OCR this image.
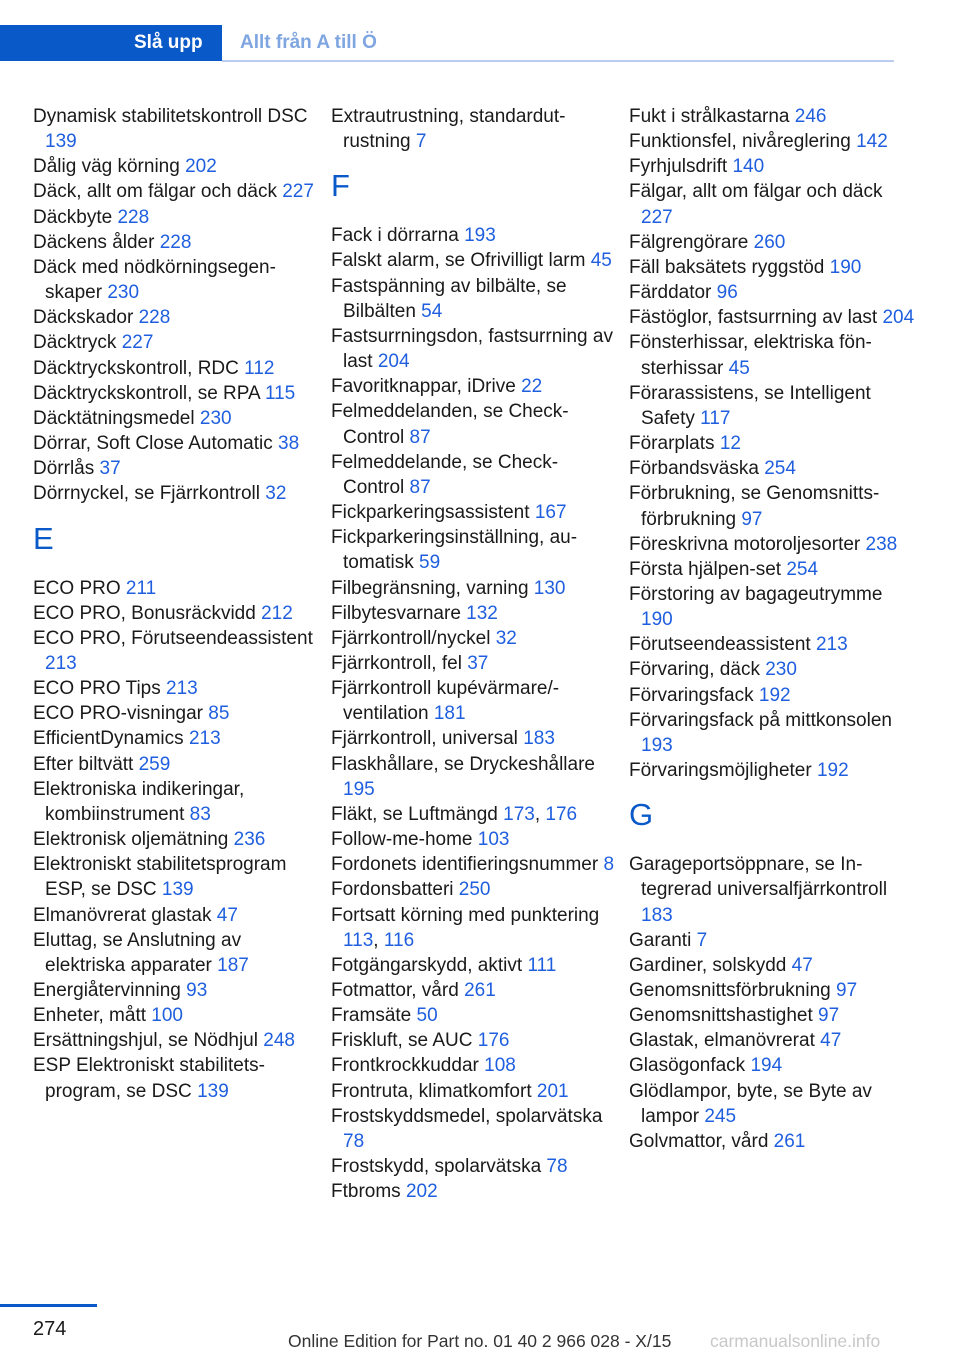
Slå upp	Allt från A till Ö
Dynamisk stabilitetskontroll DSC 139
Dålig väg körning 202
Däck, allt om fälgar och däck 227
Däckbyte 228
Däckens ålder 228
Däck med nödkörningsegenskaper 230
Däckskador 228
Däcktryck 227
Däcktryckskontroll, RDC 112
Däcktryckskontroll, se RPA 115
Däcktätningsmedel 230
Dörrar, Soft Close Automatic 38
Dörrlås 37
Dörrnyckel, se Fjärrkontroll 32
E
ECO PRO 211
ECO PRO, Bonusräckvidd 212
ECO PRO, Förutseendeassistent 213
ECO PRO Tips 213
ECO PRO-visningar 85
EfficientDynamics 213
Efter biltvätt 259
Elektroniska indikeringar, kombiinstrument 83
Elektronisk oljemätning 236
Elektroniskt stabilitetsprogram ESP, se DSC 139
Elmanövrerat glastak 47
Eluttag, se Anslutning av elektriska apparater 187
Energiåtervinning 93
Enheter, mått 100
Ersättningshjul, se Nödhjul 248
ESP Elektroniskt stabilitetsprogram, se DSC 139
Extrautrustning, standardutrustning 7
F
Fack i dörrarna 193
Falskt alarm, se Ofrivilligt larm 45
Fastspänning av bilbälte, se Bilbälten 54
Fastsurrningsdon, fastsurrning av last 204
Favoritknappar, iDrive 22
Felmeddelanden, se Check-Control 87
Felmeddelande, se Check-Control 87
Fickparkeringsassistent 167
Fickparkeringsinställning, automatisk 59
Filbegränsning, varning 130
Filbytesvarnare 132
Fjärrkontroll/nyckel 32
Fjärrkontroll, fel 37
Fjärrkontroll kupévärmare/-ventilation 181
Fjärrkontroll, universal 183
Flaskhållare, se Dryckeshållare 195
Fläkt, se Luftmängd 173, 176
Follow-me-home 103
Fordonets identifieringsnummer 8
Fordonsbatteri 250
Fortsatt körning med punktering 113, 116
Fotgängarskydd, aktivt 111
Fotmattor, vård 261
Framsäte 50
Friskluft, se AUC 176
Frontkrockkuddar 108
Frontruta, klimatkomfort 201
Frostskyddsmedel, spolarvätska 78
Frostskydd, spolarvätska 78
Ftbroms 202
Fukt i strålkastarna 246
Funktionsfel, nivåreglering 142
Fyrhjulsdrift 140
Fälgar, allt om fälgar och däck 227
Fälgrengörare 260
Fäll baksätets ryggstöd 190
Färddator 96
Fästöglor, fastsurrning av last 204
Fönsterhissar, elektriska fönsterhissar 45
Förarassistens, se Intelligent Safety 117
Förarplats 12
Förbandsväska 254
Förbrukning, se Genomsnittsförbrukning 97
Föreskrivna motoroljesorter 238
Första hjälpen-set 254
Förstoring av bagageutrymme 190
Förutseendeassistent 213
Förvaring, däck 230
Förvaringsfack 192
Förvaringsfack på mittkonsolen 193
Förvaringsmöjligheter 192
G
Garageportsöppnare, se Integrerad universalfjärrkontroll 183
Garanti 7
Gardiner, solskydd 47
Genomsnittsförbrukning 97
Genomsnittshastighet 97
Glastak, elmanövrerat 47
Glasögonfack 194
Glödlampor, byte, se Byte av lampor 245
Golvmattor, vård 261
274
Online Edition for Part no. 01 40 2 966 028 - X/15 carmanualsonline.info
